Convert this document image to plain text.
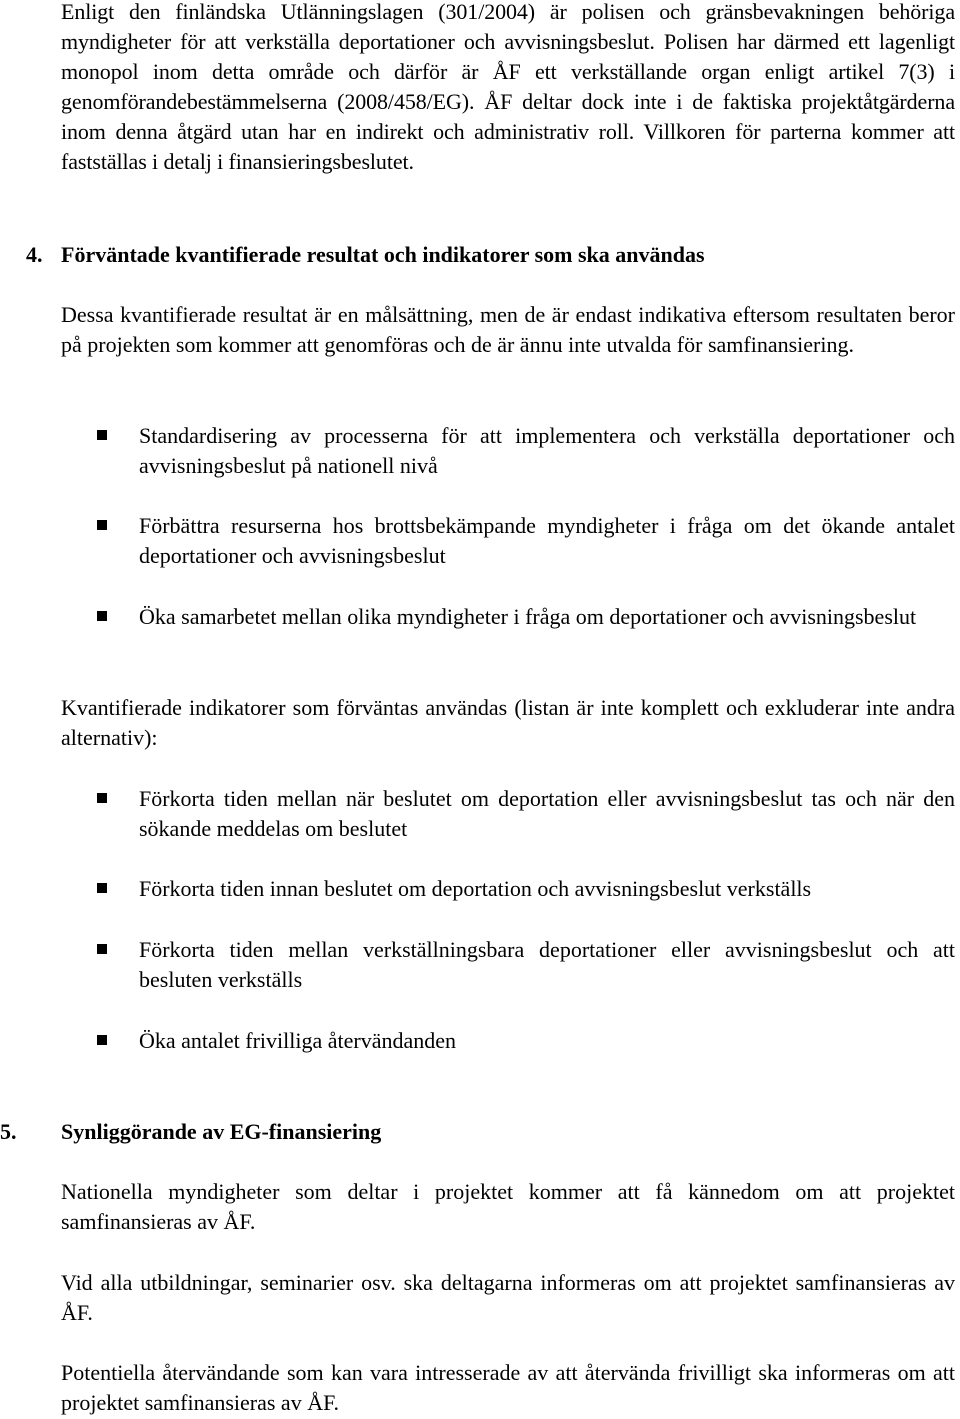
Enligt den finländska Utlänningslagen (301/2004) är polisen och gränsbevakningen behöriga myndigheter för att verkställa deportationer och avvisningsbeslut. Polisen har därmed ett lagenligt monopol inom detta område och därför är ÅF ett verkställande organ enligt artikel 7(3) i genomförandebestämmelserna (2008/458/EG). ÅF deltar dock inte i de faktiska projektåtgärderna inom denna åtgärd utan har en indirekt och administrativ roll. Villkoren för parterna kommer att fastställas i detalj i finansieringsbeslutet.

4. Förväntade kvantifierade resultat och indikatorer som ska användas

Dessa kvantifierade resultat är en målsättning, men de är endast indikativa eftersom resultaten beror på projekten som kommer att genomföras och de är ännu inte utvalda för samfinansiering.

Standardisering av processerna för att implementera och verkställa deportationer och avvisningsbeslut på nationell nivå
Förbättra resurserna hos brottsbekämpande myndigheter i fråga om det ökande antalet deportationer och avvisningsbeslut
Öka samarbetet mellan olika myndigheter i fråga om deportationer och avvisningsbeslut

Kvantifierade indikatorer som förväntas användas (listan är inte komplett och exkluderar inte andra alternativ):

Förkorta tiden mellan när beslutet om deportation eller avvisningsbeslut tas och när den sökande meddelas om beslutet
Förkorta tiden innan beslutet om deportation och avvisningsbeslut verkställs
Förkorta tiden mellan verkställningsbara deportationer eller avvisningsbeslut och att besluten verkställs
Öka antalet frivilliga återvändanden
5. Synliggörande av EG-finansiering

Nationella myndigheter som deltar i projektet kommer att få kännedom om att projektet samfinansieras av ÅF.

Vid alla utbildningar, seminarier osv. ska deltagarna informeras om att projektet samfinansieras av ÅF.

Potentiella återvändande som kan vara intresserade av att återvända frivilligt ska informeras om att projektet samfinansieras av ÅF.
